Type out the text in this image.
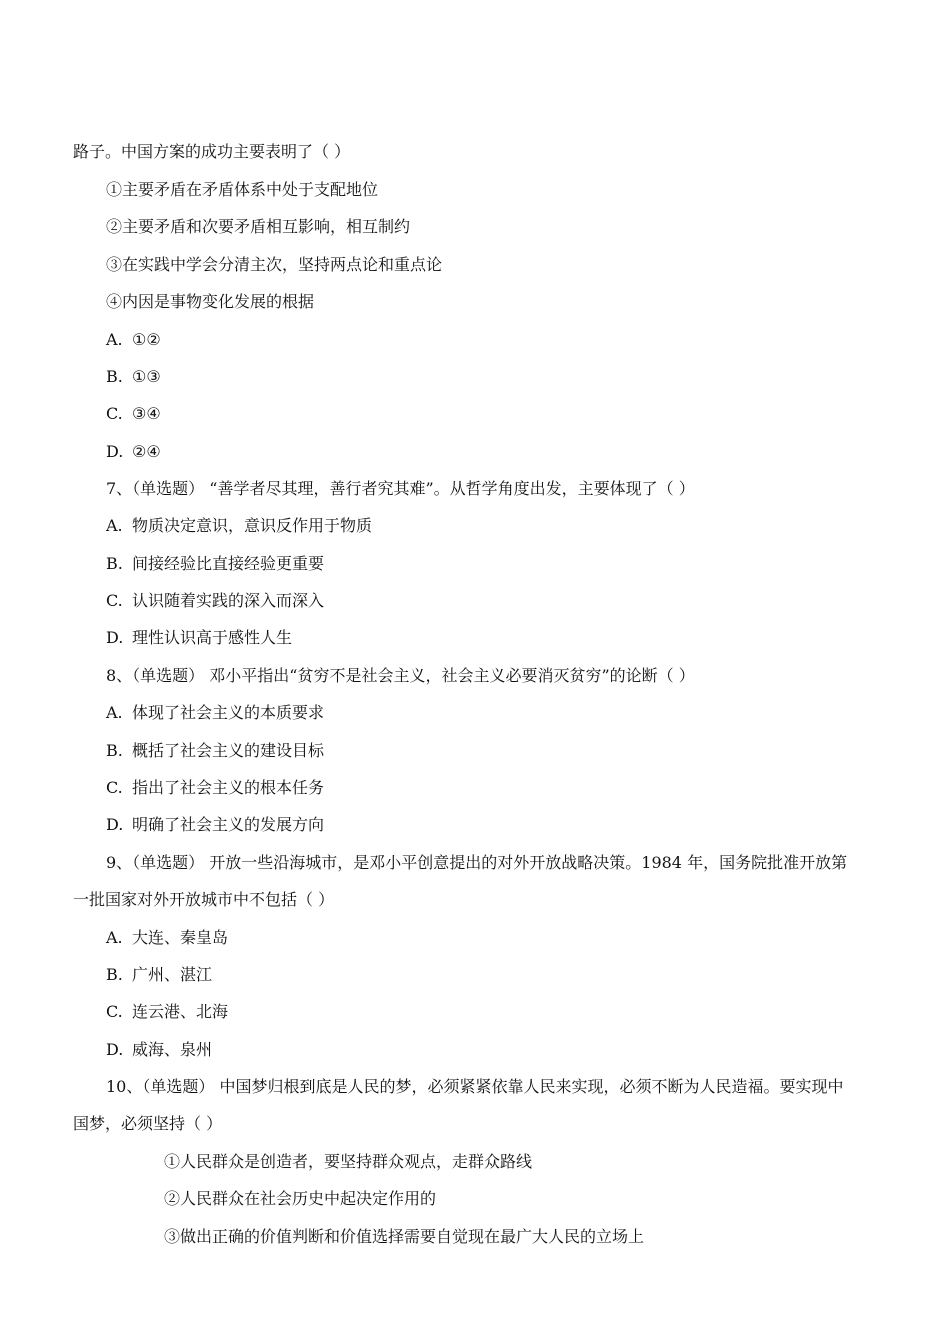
路子。中国方案的成功主要表明了（ ）
①主要矛盾在矛盾体系中处于支配地位
②主要矛盾和次要矛盾相互影响，相互制约
③在实践中学会分清主次，坚持两点论和重点论
④内因是事物变化发展的根据
A. ①②
B. ①③
C. ③④
D. ②④
7、（单选题） “善学者尽其理，善行者究其难”。从哲学角度出发，主要体现了（ ）
A. 物质决定意识，意识反作用于物质
B. 间接经验比直接经验更重要
C. 认识随着实践的深入而深入
D. 理性认识高于感性人生
8、（单选题） 邓小平指出“贫穷不是社会主义，社会主义必要消灭贫穷”的论断（ ）
A. 体现了社会主义的本质要求
B. 概括了社会主义的建设目标
C. 指出了社会主义的根本任务
D. 明确了社会主义的发展方向
9、（单选题） 开放一些沿海城市，是邓小平创意提出的对外开放战略决策。1984 年，国务院批准开放第
一批国家对外开放城市中不包括（ ）
A. 大连、秦皇岛
B. 广州、湛江
C. 连云港、北海
D. 威海、泉州
10、（单选题） 中国梦归根到底是人民的梦，必须紧紧依靠人民来实现，必须不断为人民造福。要实现中
国梦，必须坚持（ ）
①人民群众是创造者，要坚持群众观点，走群众路线
②人民群众在社会历史中起决定作用的
③做出正确的价值判断和价值选择需要自觉现在最广大人民的立场上
